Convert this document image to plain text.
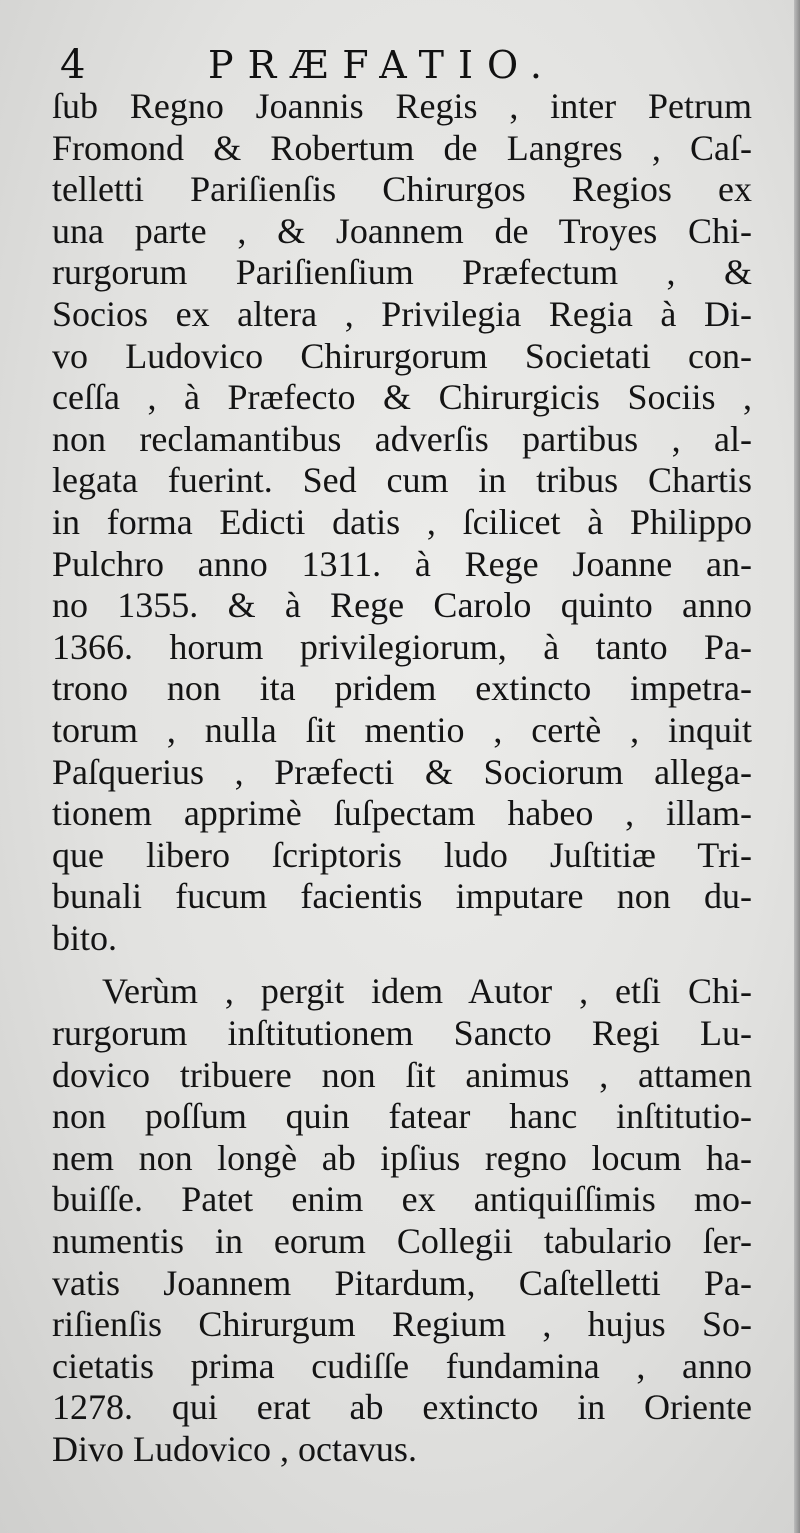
4	PRÆFATIO.
ſub Regno Joannis Regis , inter Petrum
Fromond & Robertum de Langres , Caſ-
telletti Pariſienſis Chirurgos Regios ex
una parte , & Joannem de Troyes Chi-
rurgorum Pariſienſium Præfectum , &
Socios ex altera , Privilegia Regia à Di-
vo Ludovico Chirurgorum Societati con-
ceſſa , à Præfecto & Chirurgicis Sociis ,
non reclamantibus adverſis partibus , al-
legata fuerint. Sed cum in tribus Chartis
in forma Edicti datis , ſcilicet à Philippo
Pulchro anno 1311. à Rege Joanne an-
no 1355. & à Rege Carolo quinto anno
1366. horum privilegiorum, à tanto Pa-
trono non ita pridem extincto impetra-
torum , nulla ſit mentio , certè , inquit
Paſquerius , Præfecti & Sociorum allega-
tionem apprimè ſuſpectam habeo , illam-
que libero ſcriptoris ludo Juſtitiæ Tri-
bunali fucum facientis imputare non du-
bito.
Verùm , pergit idem Autor , etſi Chi-
rurgorum inſtitutionem Sancto Regi Lu-
dovico tribuere non ſit animus , attamen
non poſſum quin fatear hanc inſtitutio-
nem non longè ab ipſius regno locum ha-
buiſſe. Patet enim ex antiquiſſimis mo-
numentis in eorum Collegii tabulario ſer-
vatis Joannem Pitardum, Caſtelletti Pa-
riſienſis Chirurgum Regium , hujus So-
cietatis prima cudiſſe fundamina , anno
1278. qui erat ab extincto in Oriente
Divo Ludovico , octavus.
